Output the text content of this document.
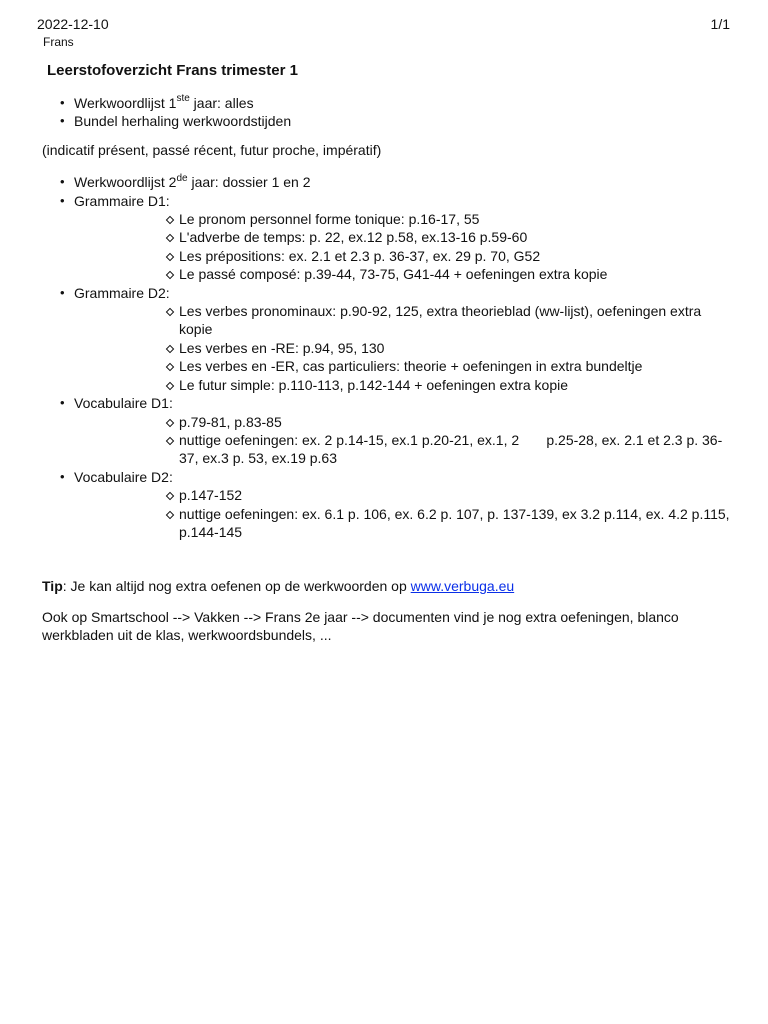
2022-12-10	1/1
Frans
Leerstofoverzicht Frans trimester 1
• Werkwoordlijst 1ste jaar: alles
• Bundel herhaling werkwoordstijden

(indicatif présent, passé récent, futur proche, impératif)

• Werkwoordlijst 2de jaar: dossier 1 en 2
• Grammaire D1:
Le pronom personnel forme tonique: p.16-17, 55
L'adverbe de temps: p. 22, ex.12 p.58, ex.13-16 p.59-60
Les prépositions: ex. 2.1 et 2.3 p. 36-37, ex. 29 p. 70, G52
Le passé composé: p.39-44, 73-75, G41-44 + oefeningen extra kopie
• Grammaire D2:
Les verbes pronominaux: p.90-92, 125, extra theorieblad (ww-lijst), oefeningen extra kopie
Les verbes en -RE: p.94, 95, 130
Les verbes en -ER, cas particuliers: theorie + oefeningen in extra bundeltje
Le futur simple: p.110-113, p.142-144 + oefeningen extra kopie
• Vocabulaire D1:
p.79-81, p.83-85
nuttige oefeningen: ex. 2 p.14-15, ex.1 p.20-21, ex.1, 2       p.25-28, ex. 2.1 et 2.3 p. 36-37, ex.3 p. 53, ex.19 p.63
• Vocabulaire D2:
p.147-152
nuttige oefeningen: ex. 6.1 p. 106, ex. 6.2 p. 107, p. 137-139, ex 3.2 p.114, ex. 4.2 p.115, p.144-145

Tip: Je kan altijd nog extra oefenen op de werkwoorden op www.verbuga.eu

Ook op Smartschool --> Vakken --> Frans 2e jaar --> documenten vind je nog extra oefeningen, blanco werkbladen uit de klas, werkwoordsbundels, ...
